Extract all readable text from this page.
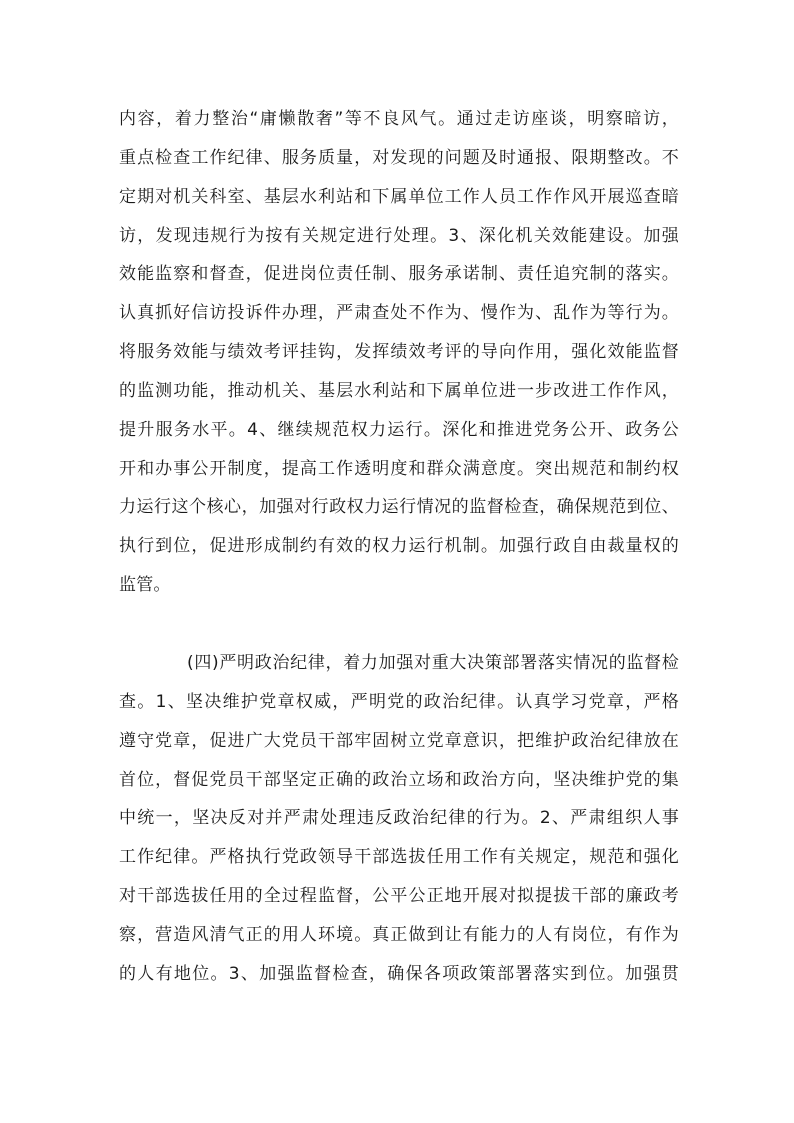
内容，着力整治“庸懒散奢”等不良风气。通过走访座谈，明察暗访，
重点检查工作纪律、服务质量，对发现的问题及时通报、限期整改。不
定期对机关科室、基层水利站和下属单位工作人员工作作风开展巡查暗
访，发现违规行为按有关规定进行处理。3、深化机关效能建设。加强
效能监察和督查，促进岗位责任制、服务承诺制、责任追究制的落实。
认真抓好信访投诉件办理，严肃查处不作为、慢作为、乱作为等行为。
将服务效能与绩效考评挂钩，发挥绩效考评的导向作用，强化效能监督
的监测功能，推动机关、基层水利站和下属单位进一步改进工作作风，
提升服务水平。4、继续规范权力运行。深化和推进党务公开、政务公
开和办事公开制度，提高工作透明度和群众满意度。突出规范和制约权
力运行这个核心，加强对行政权力运行情况的监督检查，确保规范到位、
执行到位，促进形成制约有效的权力运行机制。加强行政自由裁量权的
监管。
(四)严明政治纪律，着力加强对重大决策部署落实情况的监督检
查。1、坚决维护党章权威，严明党的政治纪律。认真学习党章，严格
遵守党章，促进广大党员干部牢固树立党章意识，把维护政治纪律放在
首位，督促党员干部坚定正确的政治立场和政治方向，坚决维护党的集
中统一，坚决反对并严肃处理违反政治纪律的行为。2、严肃组织人事
工作纪律。严格执行党政领导干部选拔任用工作有关规定，规范和强化
对干部选拔任用的全过程监督，公平公正地开展对拟提拔干部的廉政考
察，营造风清气正的用人环境。真正做到让有能力的人有岗位，有作为
的人有地位。3、加强监督检查，确保各项政策部署落实到位。加强贯
